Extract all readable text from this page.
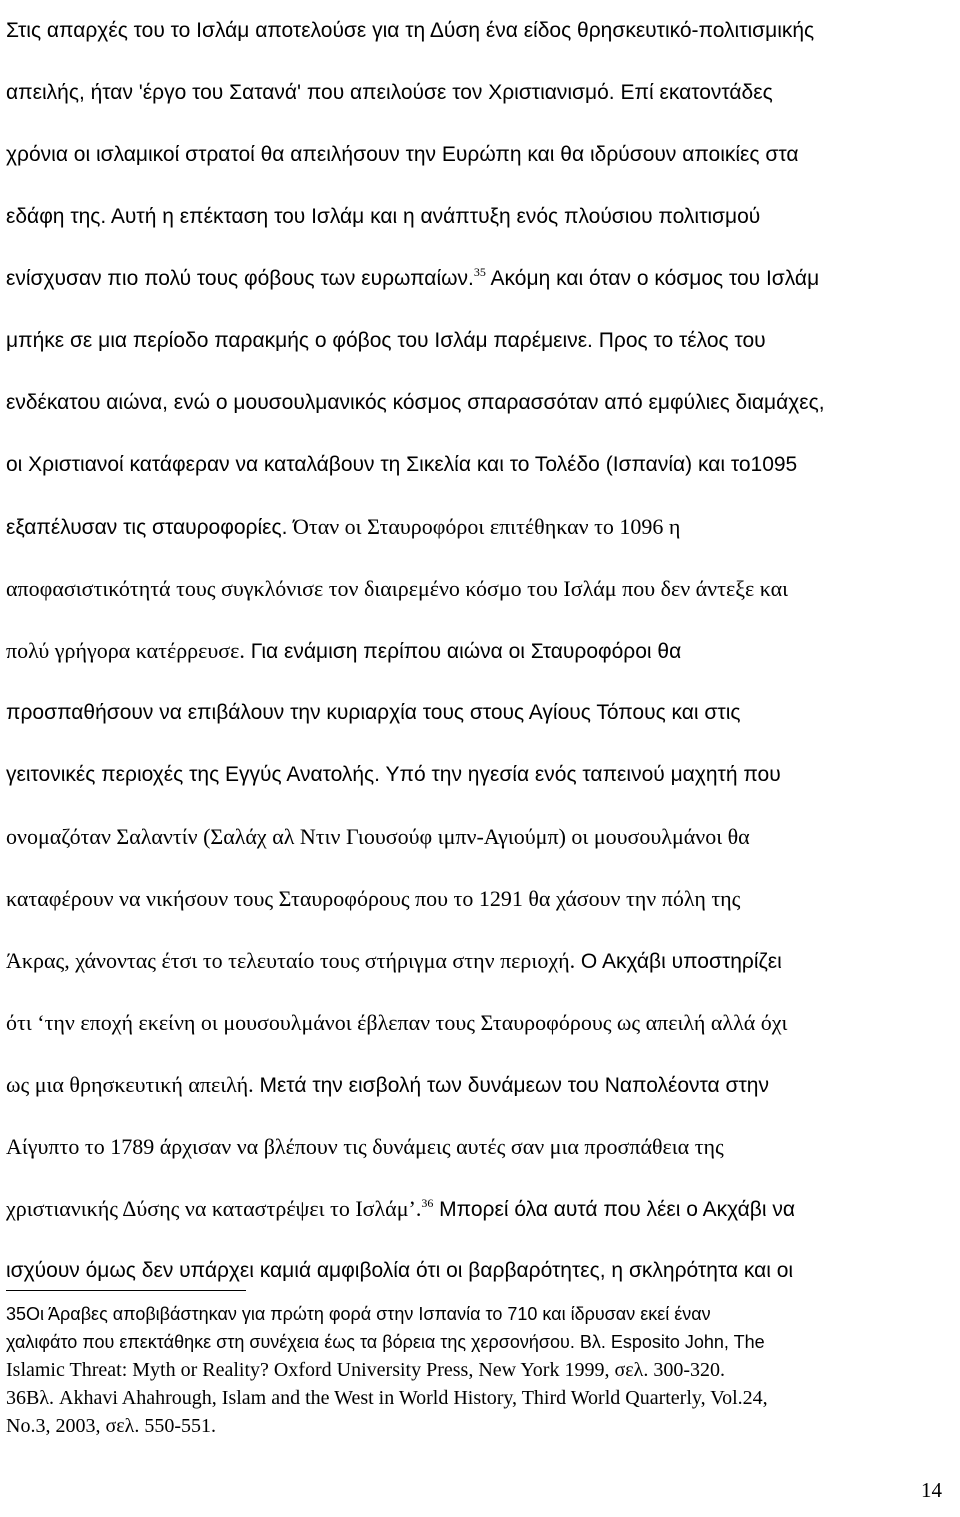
Στις απαρχές του το Ισλάμ αποτελούσε για τη Δύση ένα είδος θρησκευτικό-πολιτισμικής
απειλής, ήταν 'έργο του Σατανά' που απειλούσε τον Χριστιανισμό. Επί εκατοντάδες
χρόνια οι ισλαμικοί στρατοί θα απειλήσουν την Ευρώπη και θα ιδρύσουν αποικίες στα
εδάφη της. Αυτή η επέκταση του Ισλάμ και η ανάπτυξη ενός πλούσιου πολιτισμού
ενίσχυσαν πιο πολύ τους φόβους των ευρωπαίων.$^{35}$ Ακόμη και όταν ο κόσμος του Ισλάμ
μπήκε σε μια περίοδο παρακμής ο φόβος του Ισλάμ παρέμεινε. Προς το τέλος του
ενδέκατου αιώνα, ενώ ο μουσουλμανικός κόσμος σπαρασσόταν από εμφύλιες διαμάχες,
οι Χριστιανοί κατάφεραν να καταλάβουν τη Σικελία και το Τολέδο (Ισπανία) και το1095
εξαπέλυσαν τις σταυροφορίες. Όταν οι Σταυροφόροι επιτέθηκαν το 1096 η
αποφασιστικότητά τους συγκλόνισε τον διαιρεμένο κόσμο του Ισλάμ που δεν άντεξε και
πολύ γρήγορα κατέρρευσε. Για ενάμιση περίπου αιώνα οι Σταυροφόροι θα
προσπαθήσουν να επιβάλουν την κυριαρχία τους στους Αγίους Τόπους και στις
γειτονικές περιοχές της Εγγύς Ανατολής. Υπό την ηγεσία ενός ταπεινού μαχητή που
ονομαζόταν Σαλαντίν (Σαλάχ αλ Ντιν Γιουσούφ ιμπν-Αγιούμπ) οι μουσουλμάνοι θα
καταφέρουν να νικήσουν τους Σταυροφόρους που το 1291 θα χάσουν την πόλη της
Άκρας, χάνοντας έτσι το τελευταίο τους στήριγμα στην περιοχή. Ο Ακχάβι υποστηρίζει
ότι ‘την εποχή εκείνη οι μουσουλμάνοι έβλεπαν τους Σταυροφόρους ως απειλή αλλά όχι
ως μια θρησκευτική απειλή. Μετά την εισβολή των δυνάμεων του Ναπολέοντα στην
Αίγυπτο το 1789 άρχισαν να βλέπουν τις δυνάμεις αυτές σαν μια προσπάθεια της
χριστιανικής Δύσης να καταστρέψει το Ισλάμ’.$^{36}$ Μπορεί όλα αυτά που λέει ο Ακχάβι να
ισχύουν όμως δεν υπάρχει καμιά αμφιβολία ότι οι βαρβαρότητες, η σκληρότητα και οι
35Οι Άραβες αποβιβάστηκαν για πρώτη φορά στην Ισπανία το 710 και ίδρυσαν εκεί έναν
χαλιφάτο που επεκτάθηκε στη συνέχεια έως τα βόρεια της χερσονήσου. Βλ. Esposito John, The
Islamic Threat: Myth or Reality? Oxford University Press, New York 1999, σελ. 300-320.
36Βλ. Akhavi Ahahrough, Islam and the West in World History, Third World Quarterly, Vol.24,
No.3, 2003, σελ. 550-551.
14
